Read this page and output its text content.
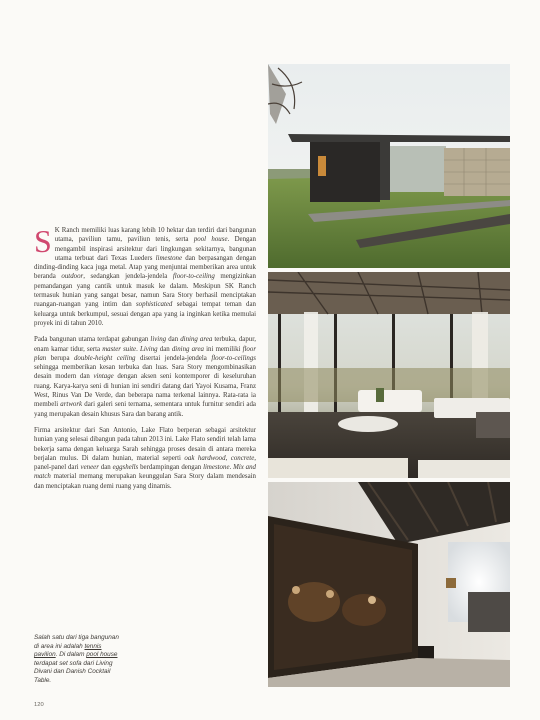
S K Ranch memiliki luas karang lebih 10 hektar dan terdiri dari bangunan utama, paviliun tamu, paviliun tenis, serta pool house. Dengan mengambil inspirasi arsitektur dari lingkungan sekitarnya, bangunan utama terbuat dari Texas Lueders limestone dan berpasangan dengan dinding-dinding kaca juga metal. Atap yang menjuntai memberikan area untuk beranda outdoor, sedangkan jendela-jendela floor-to-ceiling mengizinkan pemandangan yang cantik untuk masuk ke dalam. Meskipun SK Ranch termasuk hunian yang sangat besar, namun Sara Story berhasil menciptakan ruangan-ruangan yang intim dan sophisticated sebagai tempat teman dan keluarga untuk berkumpul, sesuai dengan apa yang ia inginkan ketika memulai proyek ini di tahun 2010.

Pada bangunan utama terdapat gabungan living dan dining area terbuka, dapur, enam kamar tidur, serta master suite. Living dan dining area ini memiliki floor plan berupa double-height ceiling disertai jendela-jendela floor-to-ceilings sehingga memberikan kesan terbuka dan luas. Sara Story mengombinasikan desain modern dan vintage dengan aksen seni kontemporer di keseluruhan ruang. Karya-karya seni di hunian ini sendiri datang dari Yayoi Kusama, Franz West, Rinus Van De Verde, dan beberapa nama terkenal lainnya. Rata-rata ia membeli artwork dari galeri seni ternama, sementara untuk furnitur sendiri ada yang merupakan desain khusus Sara dan barang antik.

Firma arsitektur dari San Antonio, Lake Flato berperan sebagai arsitektur hunian yang selesai dibangun pada tahun 2013 ini. Lake Flato sendiri telah lama bekerja sama dengan keluarga Sarah sehingga proses desain di antara mereka berjalan mulus. Di dalam hunian, material seperti oak hardwood, concrete, panel-panel dari veneer dan eggshells berdampingan dengan limestone. Mix and match material memang merupakan keunggulan Sara Story dalam mendesain dan menciptakan ruang demi ruang yang dinamis.

Salah satu dari tiga bangunan di area ini adalah tennis pavilion. Di dalam pool house terdapat set sofa dari Living Divani dan Danish Cocktail Table.
120
